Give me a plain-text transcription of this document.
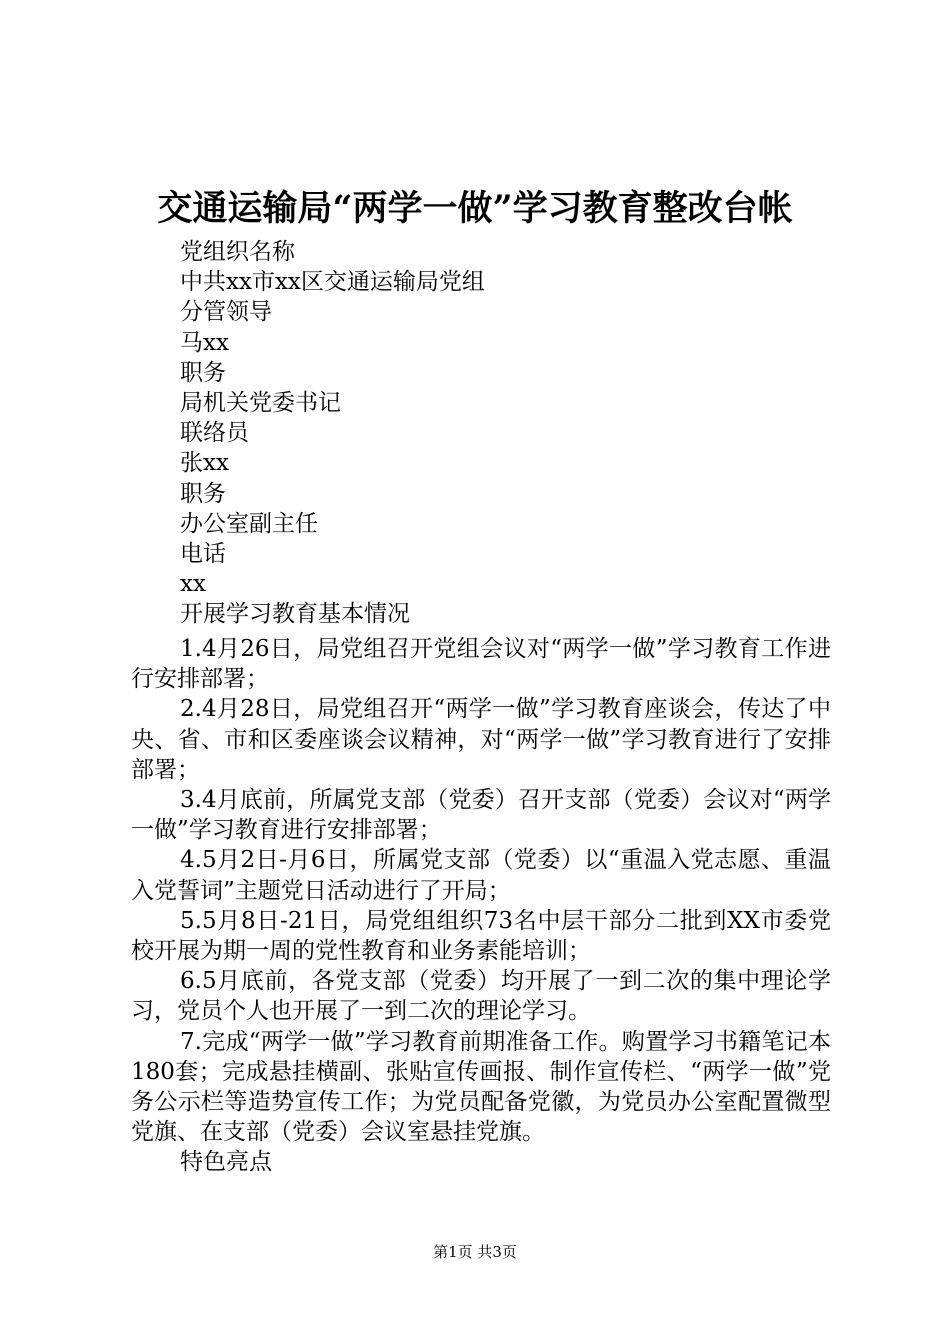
交通运输局“两学一做”学习教育整改台帐
党组织名称
中共xx市xx区交通运输局党组
分管领导
马xx
职务
局机关党委书记
联络员
张xx
职务
办公室副主任
电话
xx
开展学习教育基本情况
1.4月26日，局党组召开党组会议对“两学一做”学习教育工作进行安排部署；
2.4月28日，局党组召开“两学一做”学习教育座谈会，传达了中央、省、市和区委座谈会议精神，对“两学一做”学习教育进行了安排部署；
3.4月底前，所属党支部（党委）召开支部（党委）会议对“两学一做”学习教育进行安排部署；
4.5月2日-月6日，所属党支部（党委）以“重温入党志愿、重温入党誓词”主题党日活动进行了开局；
5.5月8日-21日，局党组组织73名中层干部分二批到XX市委党校开展为期一周的党性教育和业务素能培训；
6.5月底前，各党支部（党委）均开展了一到二次的集中理论学习，党员个人也开展了一到二次的理论学习。
7.完成“两学一做”学习教育前期准备工作。购置学习书籍笔记本180套；完成悬挂横副、张贴宣传画报、制作宣传栏、“两学一做”党务公示栏等造势宣传工作；为党员配备党徽，为党员办公室配置微型党旗、在支部（党委）会议室悬挂党旗。
特色亮点
第1页 共3页
